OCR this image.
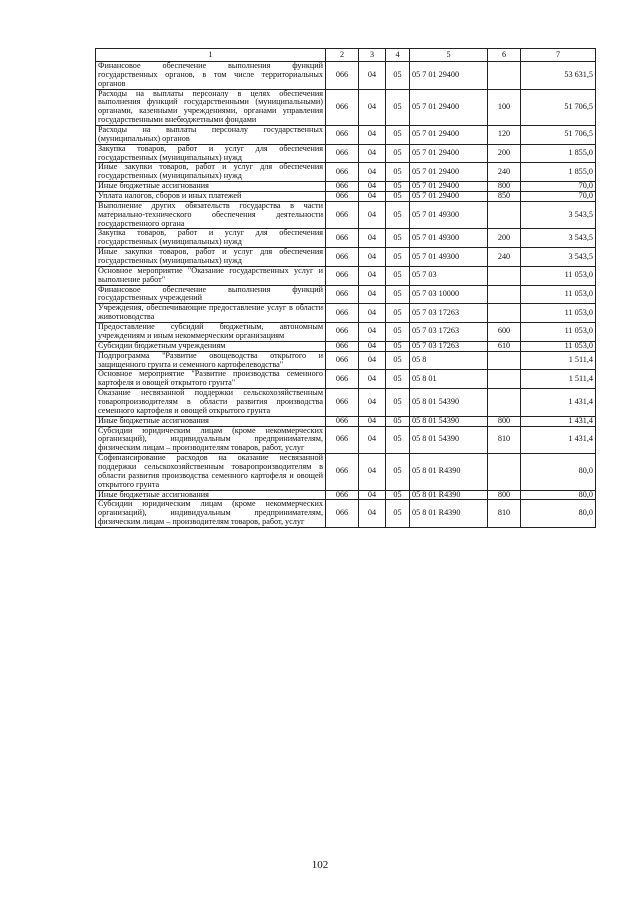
1	2	3	4	5	6	7
Финансовое обеспечение выполнения функций государственных органов, в том числе территориальных органов	066	04	05	05 7 01 29400		53 631,5
Расходы на выплаты персоналу в целях обеспечения выполнения функций государственными (муниципальными) органами, казенными учреждениями, органами управления государственными внебюджетными фондами	066	04	05	05 7 01 29400	100	51 706,5
Расходы на выплаты персоналу государственных (муниципальных) органов	066	04	05	05 7 01 29400	120	51 706,5
Закупка товаров, работ и услуг для обеспечения государственных (муниципальных) нужд	066	04	05	05 7 01 29400	200	1 855,0
Иные закупки товаров, работ и услуг для обеспечения государственных (муниципальных) нужд	066	04	05	05 7 01 29400	240	1 855,0
Иные бюджетные ассигнования	066	04	05	05 7 01 29400	800	70,0
Уплата налогов, сборов и иных платежей	066	04	05	05 7 01 29400	850	70,0
Выполнение других обязательств государства в части материально-технического обеспечения деятельности государственного органа	066	04	05	05 7 01 49300		3 543,5
Закупка товаров, работ и услуг для обеспечения государственных (муниципальных) нужд	066	04	05	05 7 01 49300	200	3 543,5
Иные закупки товаров, работ и услуг для обеспечения государственных (муниципальных) нужд	066	04	05	05 7 01 49300	240	3 543,5
Основное мероприятие "Оказание государственных услуг и выполнение работ"	066	04	05	05 7 03		11 053,0
Финансовое обеспечение выполнения функций государственных учреждений	066	04	05	05 7 03 10000		11 053,0
Учреждения, обеспечивающие предоставление услуг в области животноводства	066	04	05	05 7 03 17263		11 053,0
Предоставление субсидий бюджетным, автономным учреждениям и иным некоммерческим организациям	066	04	05	05 7 03 17263	600	11 053,0
Субсидии бюджетным учреждениям	066	04	05	05 7 03 17263	610	11 053,0
Подпрограмма "Развитие овощеводства открытого и защищенного грунта и семенного картофелеводства"	066	04	05	05 8		1 511,4
Основное мероприятие "Развитие производства семенного картофеля и овощей открытого грунта"	066	04	05	05 8 01		1 511,4
Оказание несвязанной поддержки сельскохозяйственным товаропроизводителям в области развития производства семенного картофеля и овощей открытого грунта	066	04	05	05 8 01 54390		1 431,4
Иные бюджетные ассигнования	066	04	05	05 8 01 54390	800	1 431,4
Субсидии юридическим лицам (кроме некоммерческих организаций), индивидуальным предпринимателям, физическим лицам – производителям товаров, работ, услуг	066	04	05	05 8 01 54390	810	1 431,4
Софинансирование расходов на оказание несвязанной поддержки сельскохозяйственным товаропроизводителям в области развития производства семенного картофеля и овощей открытого грунта	066	04	05	05 8 01 R4390		80,0
Иные бюджетные ассигнования	066	04	05	05 8 01 R4390	800	80,0
Субсидии юридическим лицам (кроме некоммерческих организаций), индивидуальным предпринимателям, физическим лицам – производителям товаров, работ, услуг	066	04	05	05 8 01 R4390	810	80,0
102
